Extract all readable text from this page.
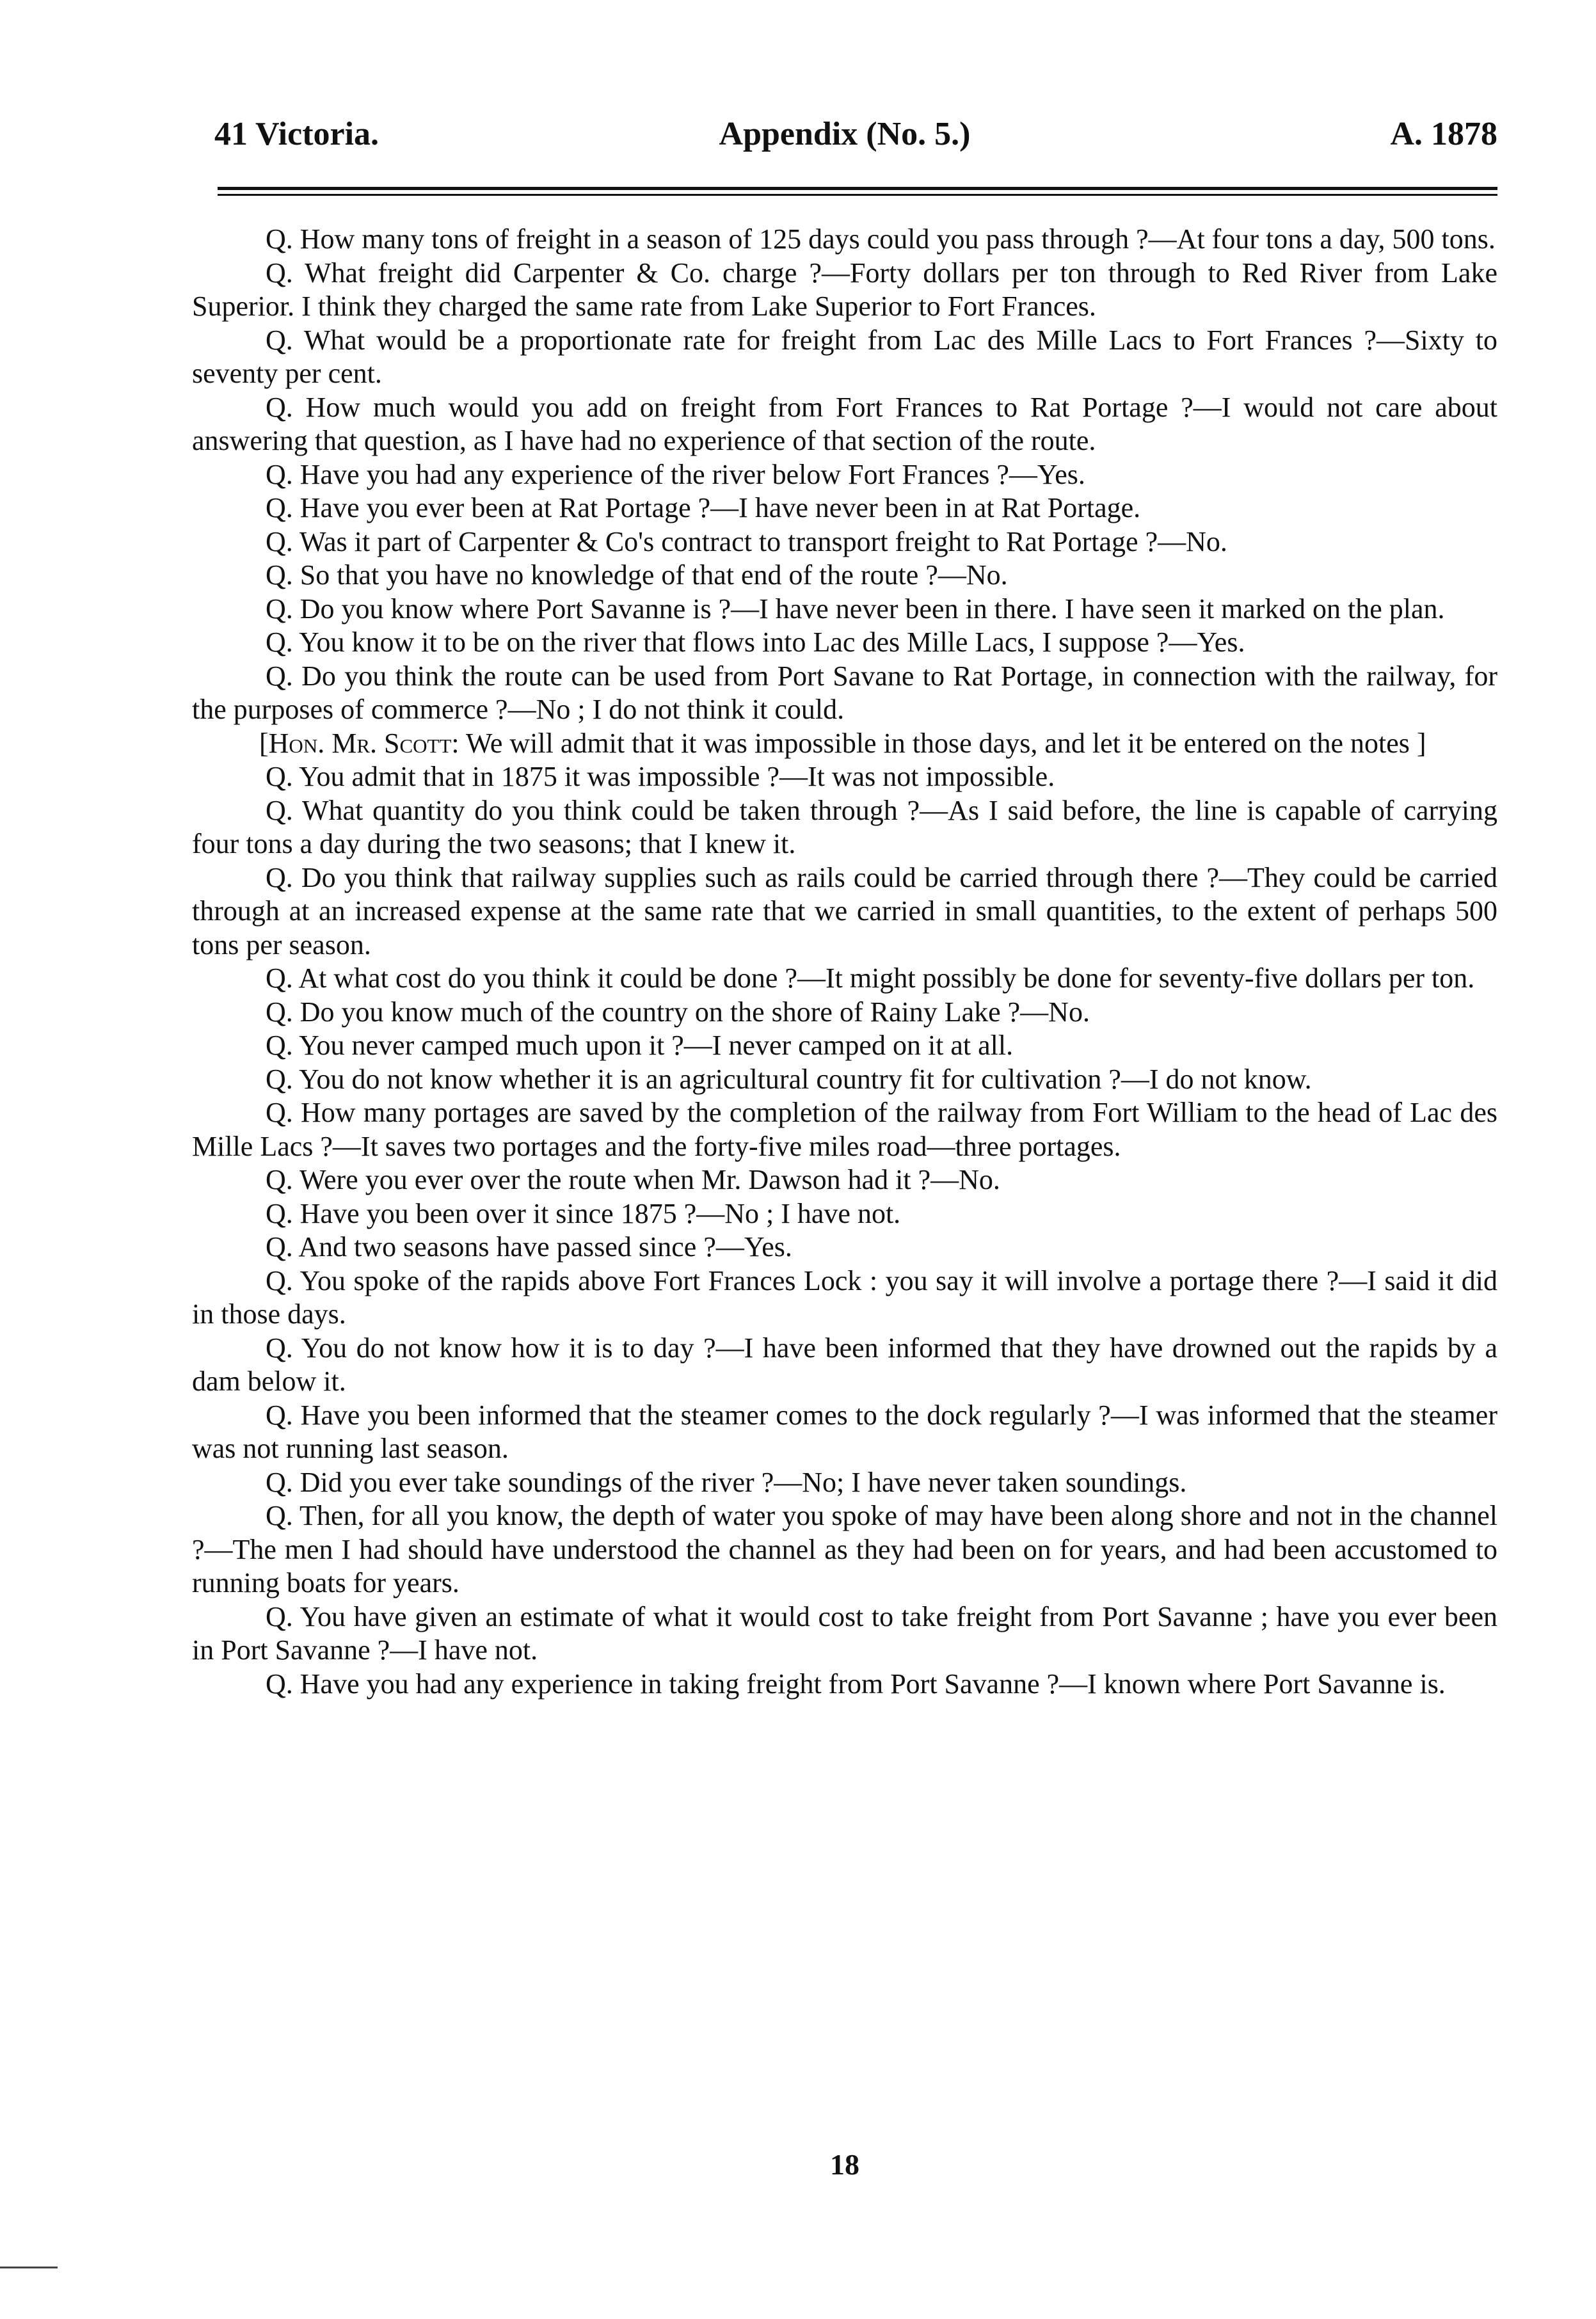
41 Victoria.	Appendix (No. 5.)	A. 1878

Q. How many tons of freight in a season of 125 days could you pass through ?—At four tons a day, 500 tons.

Q. What freight did Carpenter & Co. charge ?—Forty dollars per ton through to Red River from Lake Superior. I think they charged the same rate from Lake Superior to Fort Frances.

Q. What would be a proportionate rate for freight from Lac des Mille Lacs to Fort Frances ?—Sixty to seventy per cent.

Q. How much would you add on freight from Fort Frances to Rat Portage ?—I would not care about answering that question, as I have had no experience of that section of the route.

Q. Have you had any experience of the river below Fort Frances ?—Yes.

Q. Have you ever been at Rat Portage ?—I have never been in at Rat Portage.

Q. Was it part of Carpenter & Co's contract to transport freight to Rat Portage ?—No.

Q. So that you have no knowledge of that end of the route ?—No.

Q. Do you know where Port Savanne is ?—I have never been in there. I have seen it marked on the plan.

Q. You know it to be on the river that flows into Lac des Mille Lacs, I suppose ?—Yes.

Q. Do you think the route can be used from Port Savane to Rat Portage, in connection with the railway, for the purposes of commerce ?—No ; I do not think it could.

[Hon. Mr. Scott: We will admit that it was impossible in those days, and let it be entered on the notes ]

Q. You admit that in 1875 it was impossible ?—It was not impossible.

Q. What quantity do you think could be taken through ?—As I said before, the line is capable of carrying four tons a day during the two seasons; that I knew it.

Q. Do you think that railway supplies such as rails could be carried through there ?—They could be carried through at an increased expense at the same rate that we carried in small quantities, to the extent of perhaps 500 tons per season.

Q. At what cost do you think it could be done ?—It might possibly be done for seventy-five dollars per ton.

Q. Do you know much of the country on the shore of Rainy Lake ?—No.

Q. You never camped much upon it ?—I never camped on it at all.

Q. You do not know whether it is an agricultural country fit for cultivation ?—I do not know.

Q. How many portages are saved by the completion of the railway from Fort William to the head of Lac des Mille Lacs ?—It saves two portages and the forty-five miles road—three portages.

Q. Were you ever over the route when Mr. Dawson had it ?—No.

Q. Have you been over it since 1875 ?—No ; I have not.

Q. And two seasons have passed since ?—Yes.

Q. You spoke of the rapids above Fort Frances Lock : you say it will involve a portage there ?—I said it did in those days.

Q. You do not know how it is to day ?—I have been informed that they have drowned out the rapids by a dam below it.

Q. Have you been informed that the steamer comes to the dock regularly ?—I was informed that the steamer was not running last season.

Q. Did you ever take soundings of the river ?—No; I have never taken soundings.

Q. Then, for all you know, the depth of water you spoke of may have been along shore and not in the channel ?—The men I had should have understood the channel as they had been on for years, and had been accustomed to running boats for years.

Q. You have given an estimate of what it would cost to take freight from Port Savanne ; have you ever been in Port Savanne ?—I have not.

Q. Have you had any experience in taking freight from Port Savanne ?—I known where Port Savanne is.

18
